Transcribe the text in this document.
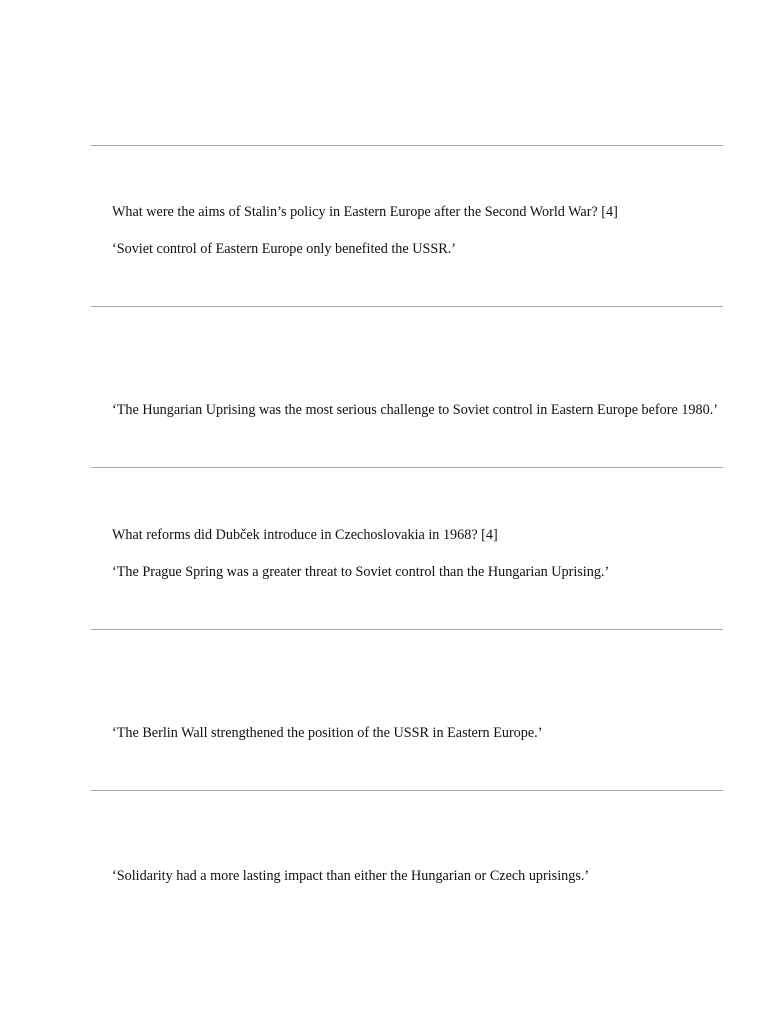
What were the aims of Stalin’s policy in Eastern Europe after the Second World War? [4]

‘Soviet control of Eastern Europe only benefited the USSR.’

‘The Hungarian Uprising was the most serious challenge to Soviet control in Eastern Europe before 1980.’

What reforms did Dubček introduce in Czechoslovakia in 1968? [4]

‘The Prague Spring was a greater threat to Soviet control than the Hungarian Uprising.’

‘The Berlin Wall strengthened the position of the USSR in Eastern Europe.’

‘Solidarity had a more lasting impact than either the Hungarian or Czech uprisings.’
